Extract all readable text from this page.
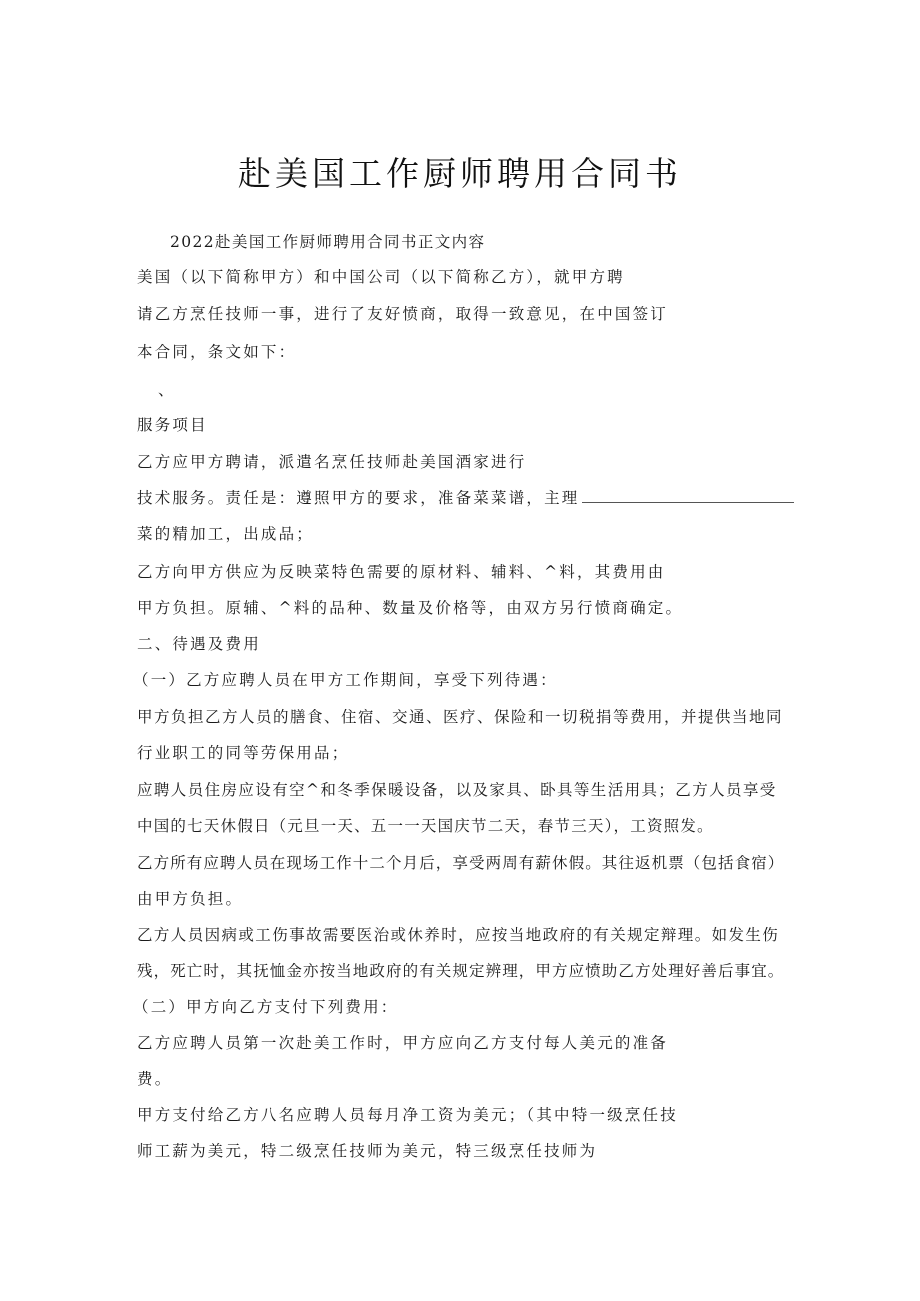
赴美国工作厨师聘用合同书
2022赴美国工作厨师聘用合同书正文内容
美国（以下简称甲方）和中国公司（以下简称乙方），就甲方聘
请乙方烹任技师一事，进行了友好愤商，取得一致意见，在中国签订
本合同，条文如下：
、
服务项目
乙方应甲方聘请，派遣名烹任技师赴美国酒家进行
技术服务。责任是：遵照甲方的要求，准备菜菜谱，主理
菜的精加工，出成品；
乙方向甲方供应为反映菜特色需要的原材料、辅料、^料，其费用由
甲方负担。原辅、^料的品种、数量及价格等，由双方另行愤商确定。
二、待遇及费用
（一）乙方应聘人员在甲方工作期间，享受下列待遇：
甲方负担乙方人员的膳食、住宿、交通、医疗、保险和一切税捐等费用，并提供当地同
行业职工的同等劳保用品；
应聘人员住房应设有空^和冬季保暖设备，以及家具、卧具等生活用具；乙方人员享受
中国的七天休假日（元旦一天、五一一天国庆节二天，春节三天），工资照发。
乙方所有应聘人员在现场工作十二个月后，享受两周有薪休假。其往返机票（包括食宿）
由甲方负担。
乙方人员因病或工伤事故需要医治或休养时，应按当地政府的有关规定辩理。如发生伤
残，死亡时，其抚恤金亦按当地政府的有关规定辨理，甲方应愤助乙方处理好善后事宜。
（二）甲方向乙方支付下列费用：
乙方应聘人员第一次赴美工作时，甲方应向乙方支付每人美元的准备
费。
甲方支付给乙方八名应聘人员每月净工资为美元；（其中特一级烹任技
师工薪为美元，特二级烹任技师为美元，特三级烹任技师为
